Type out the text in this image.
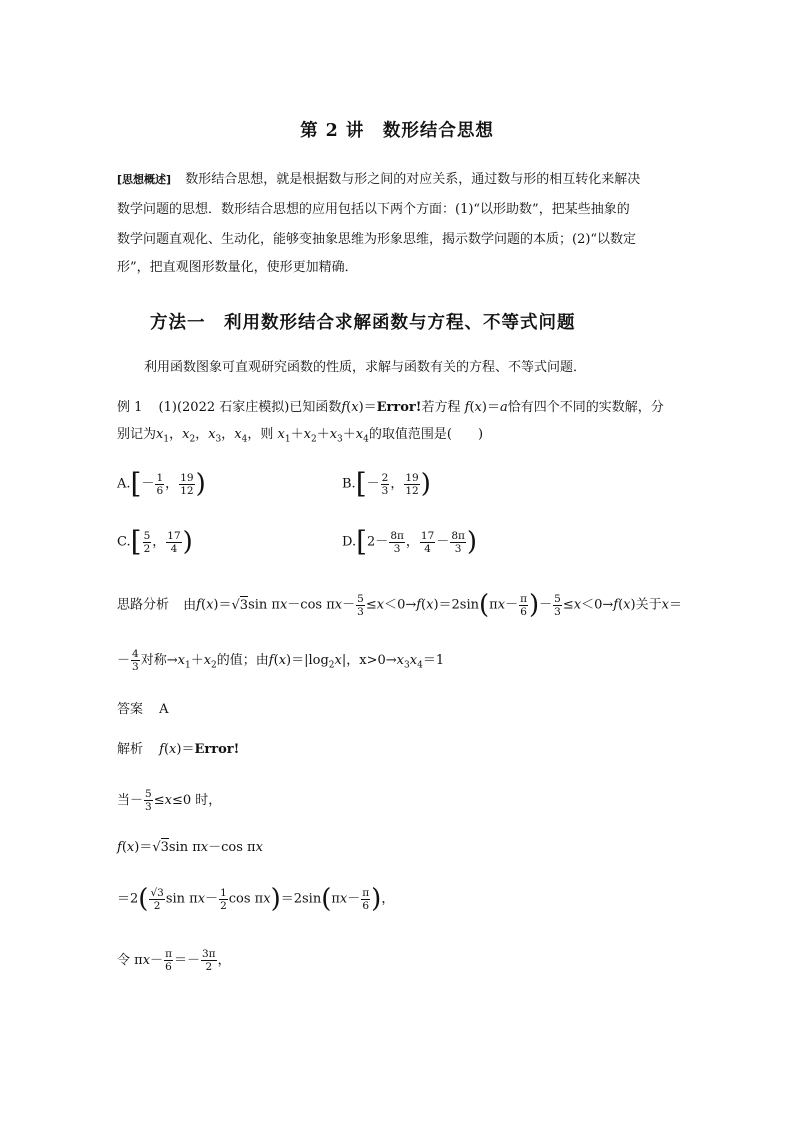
第 2 讲　数形结合思想
[思想概述] 数形结合思想，就是根据数与形之间的对应关系，通过数与形的相互转化来解决
数学问题的思想．数形结合思想的应用包括以下两个方面：(1)“以形助数”，把某些抽象的
数学问题直观化、生动化，能够变抽象思维为形象思维，揭示数学问题的本质；(2)“以数定
形”，把直观图形数量化，使形更加精确．
方法一　利用数形结合求解函数与方程、不等式问题
利用函数图象可直观研究函数的性质，求解与函数有关的方程、不等式问题．
例 1 (1)(2022 石家庄模拟)已知函数f(x)＝Error!若方程 f(x)＝a恰有四个不同的实数解，分
别记为$x_1$，$x_2$，$x_3$，$x_4$，则 $x_1+x_2+x_3+x_4$的取值范围是(　　)
$A.[- \frac{1}{6}$ ， $\frac{19}{12}$ )	$B.[- \frac{2}{3}$ ， $\frac{19}{12}$ )
$C.[ \frac{5}{2}$ ， $\frac{17}{4}$ )	$D.[2- \frac{8\pi}{3}$ ， $\frac{17}{4} - \frac{8\pi}{3}$ )
思路分析 由f(x)＝√3sin πx－cos $\pi x- \frac{5}{3} \le x<0\to f(x)=2\sin(\pi x- \frac{\pi}{6}$ )－ $\frac{5}{3} \le x<0\to f(x)$关于x＝
－ $\frac{4}{3}$ 对称$\to x_1+x_2$的值；由$f(x)=|\log_2x|$，$x>0\to x_3x_4=1$
答案 A
解析 f(x)＝Error!
当－ $\frac{5}{3} \le x\le 0$ 时，
f(x)＝√3sin πx－cos πx
$=2( \frac{√3}{2}$ $\sin \pi x- \frac{1}{2}$ $\cos \pi x)=2\sin(\pi x- \frac{\pi}{6}$ )，
令 $\pi x- \frac{\pi}{6} =- \frac{3\pi}{2}$ ，
